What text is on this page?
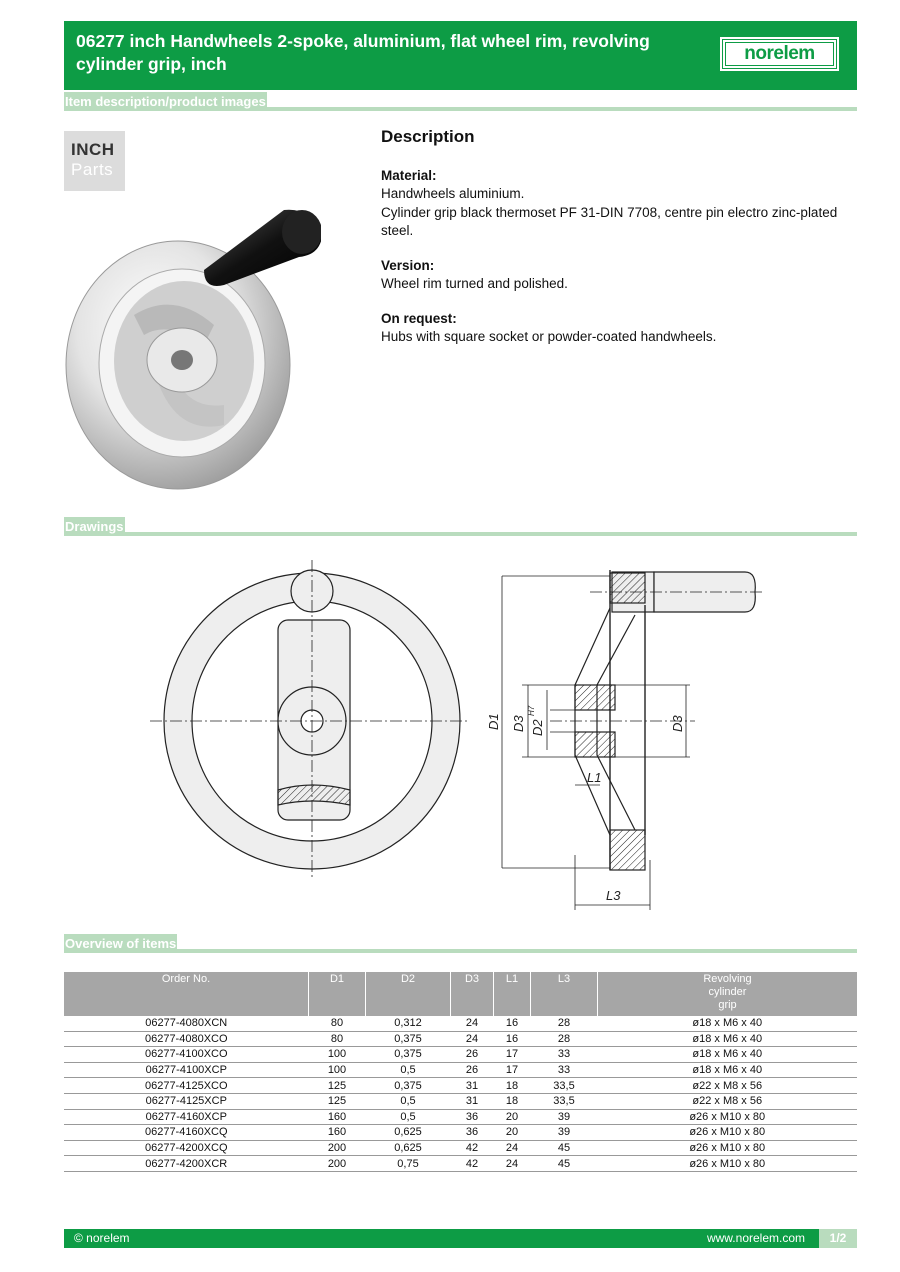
06277 inch Handwheels 2-spoke, aluminium, flat wheel rim, revolving cylinder grip, inch	norelem
Item description/product images
INCH
Parts
Description
Material:
Handwheels aluminium.
Cylinder grip black thermoset PF 31-DIN 7708, centre pin electro zinc-plated steel.
Version:
Wheel rim turned and polished.
On request:
Hubs with square socket or powder-coated handwheels.
Drawings
D1 D3 D2
H7
D3
L1
L3
Overview of items
Order No.	D1	D2	D3	L1	L3	Revolving
cylinder
grip

06277-4080XCN	80	0,312	24	16	28	ø18 x M6 x 40
06277-4080XCO	80	0,375	24	16	28	ø18 x M6 x 40
06277-4100XCO	100	0,375	26	17	33	ø18 x M6 x 40
06277-4100XCP	100	0,5	26	17	33	ø18 x M6 x 40
06277-4125XCO	125	0,375	31	18	33,5	ø22 x M8 x 56
06277-4125XCP	125	0,5	31	18	33,5	ø22 x M8 x 56
06277-4160XCP	160	0,5	36	20	39	ø26 x M10 x 80
06277-4160XCQ	160	0,625	36	20	39	ø26 x M10 x 80
06277-4200XCQ	200	0,625	42	24	45	ø26 x M10 x 80
06277-4200XCR	200	0,75	42	24	45	ø26 x M10 x 80
© norelem	www.norelem.com	1/2
